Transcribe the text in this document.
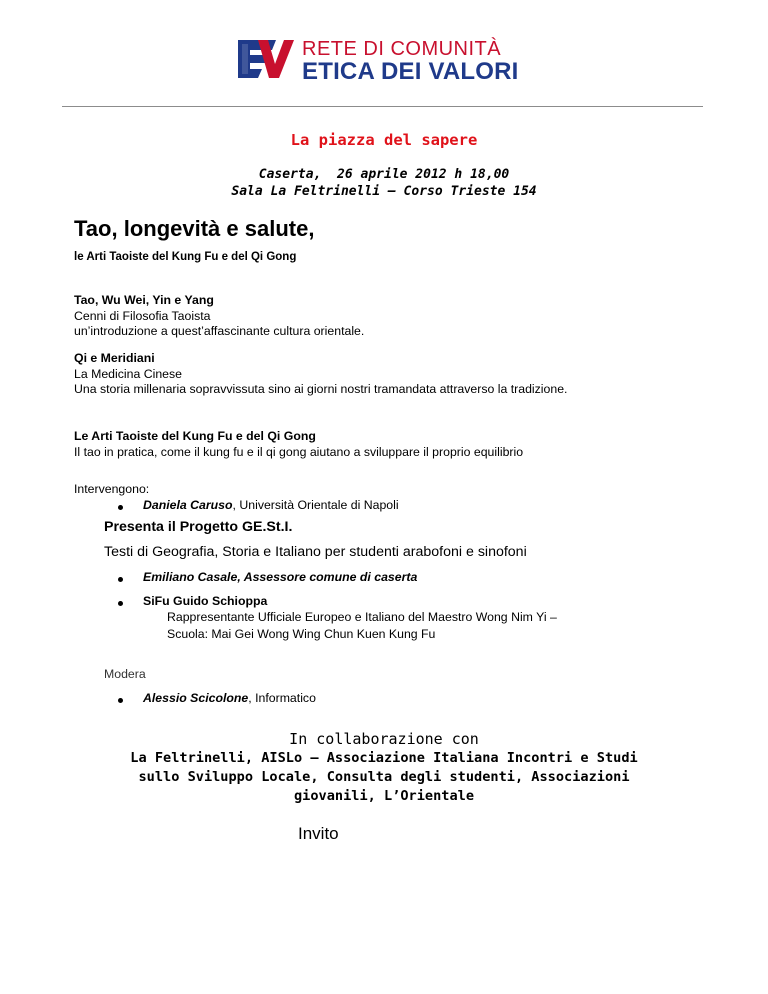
RETE DI COMUNITÀ
ETICA DEI VALORI
La piazza del sapere
Caserta,  26 aprile 2012 h 18,00
Sala La Feltrinelli – Corso Trieste 154
Tao, longevità e salute,
le Arti Taoiste del Kung Fu e del Qi Gong
Tao, Wu Wei, Yin e Yang
Cenni di Filosofia Taoista
un’introduzione a quest’affascinante cultura orientale.
Qi e Meridiani
La Medicina Cinese
Una storia millenaria sopravvissuta sino ai giorni nostri tramandata attraverso la tradizione.
Le Arti Taoiste del Kung Fu e del Qi Gong
Il tao in pratica, come il kung fu e il qi gong aiutano a sviluppare il proprio equilibrio
Intervengono:
Daniela Caruso, Università Orientale di Napoli
Presenta il Progetto GE.St.I.
Testi di Geografia, Storia e Italiano per studenti arabofoni e sinofoni
Emiliano Casale, Assessore comune di caserta
SiFu Guido Schioppa
Rappresentante Ufficiale Europeo e Italiano del Maestro Wong Nim Yi –
Scuola: Mai Gei Wong Wing Chun Kuen Kung Fu
Modera
Alessio Scicolone, Informatico
In collaborazione con
La Feltrinelli, AISLo – Associazione Italiana Incontri e Studi
sullo Sviluppo Locale, Consulta degli studenti, Associazioni
giovanili, L’Orientale
Invito
